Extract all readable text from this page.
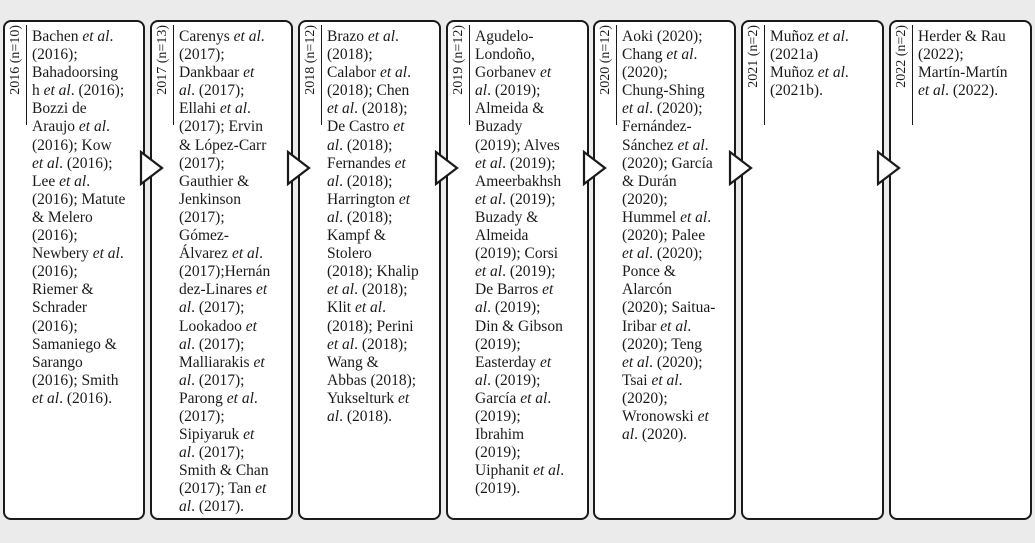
2016 (n=10) Bachen et al.
(2016);
Bahadoorsing
h et al. (2016);
Bozzi de
Araujo et al.
(2016); Kow
et al. (2016);
Lee et al.
(2016); Matute
& Melero
(2016);
Newbery et al.
(2016);
Riemer &
Schrader
(2016);
Samaniego &
Sarango
(2016); Smith
et al. (2016).
2017 (n=13) Carenys et al.
(2017);
Dankbaar et
al. (2017);
Ellahi et al.
(2017); Ervin
& López-Carr
(2017);
Gauthier &
Jenkinson
(2017);
Gómez-
Álvarez et al.
(2017);Hernán
dez-Linares et
al. (2017);
Lookadoo et
al. (2017);
Malliarakis et
al. (2017);
Parong et al.
(2017);
Sipiyaruk et
al. (2017);
Smith & Chan
(2017); Tan et
al. (2017).
2018 (n=12) Brazo et al.
(2018);
Calabor et al.
(2018); Chen
et al. (2018);
De Castro et
al. (2018);
Fernandes et
al. (2018);
Harrington et
al. (2018);
Kampf &
Stolero
(2018); Khalip
et al. (2018);
Klit et al.
(2018); Perini
et al. (2018);
Wang &
Abbas (2018);
Yukselturk et
al. (2018).
2019 (n=12) Agudelo-
Londoño,
Gorbanev et
al. (2019);
Almeida &
Buzady
(2019); Alves
et al. (2019);
Ameerbakhsh
et al. (2019);
Buzady &
Almeida
(2019); Corsi
et al. (2019);
De Barros et
al. (2019);
Din & Gibson
(2019);
Easterday et
al. (2019);
García et al.
(2019);
Ibrahim
(2019);
Uiphanit et al.
(2019).
2020 (n=12) Aoki (2020);
Chang et al.
(2020);
Chung-Shing
et al. (2020);
Fernández-
Sánchez et al.
(2020); García
& Durán
(2020);
Hummel et al.
(2020); Palee
et al. (2020);
Ponce &
Alarcón
(2020); Saitua-
Iribar et al.
(2020); Teng
et al. (2020);
Tsai et al.
(2020);
Wronowski et
al. (2020).
2021 (n=2) Muñoz et al.
(2021a)
Muñoz et al.
(2021b).
2022 (n=2) Herder & Rau
(2022);
Martín-Martín
et al. (2022).
